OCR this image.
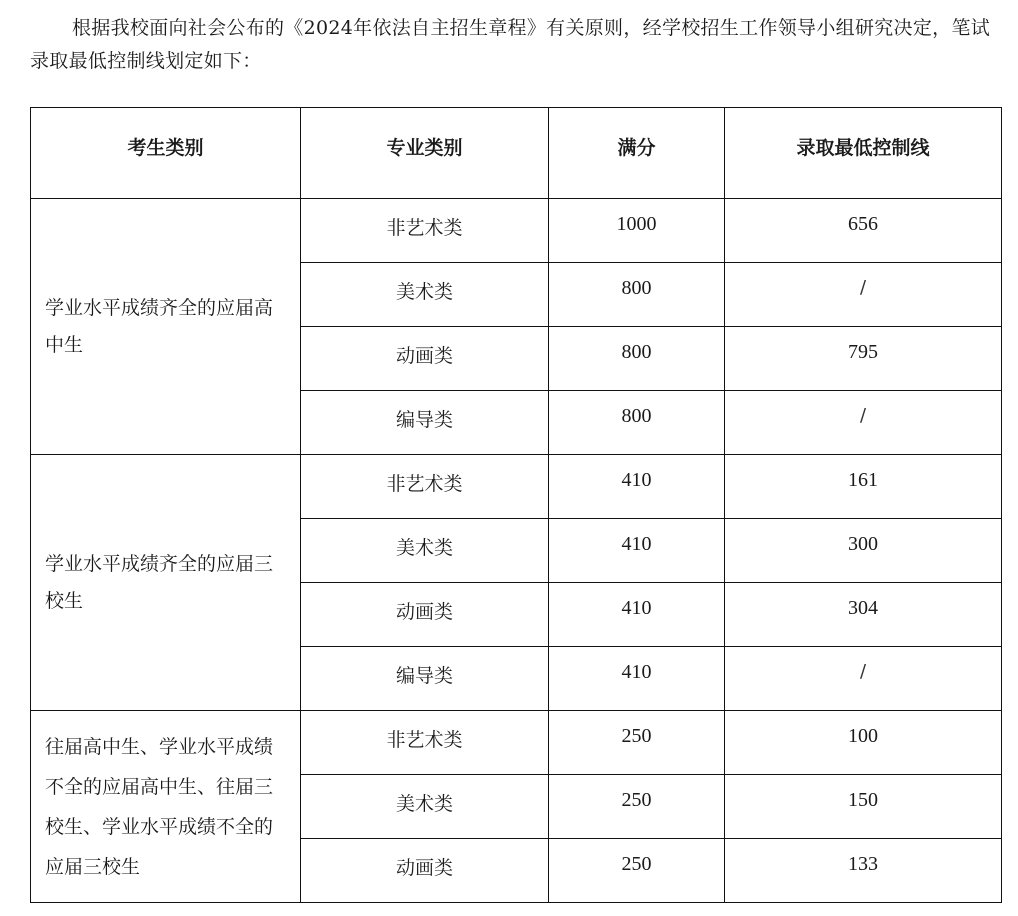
根据我校面向社会公布的《2024年依法自主招生章程》有关原则，经学校招生工作领导小组研究决定，笔试录取最低控制线划定如下：

考生类别	专业类别	满分	录取最低控制线
学业水平成绩齐全的应届高中生	非艺术类	1000	656
	美术类	800	/
	动画类	800	795
	编导类	800	/
学业水平成绩齐全的应届三校生	非艺术类	410	161
	美术类	410	300
	动画类	410	304
	编导类	410	/
往届高中生、学业水平成绩不全的应届高中生、往届三校生、学业水平成绩不全的应届三校生	非艺术类	250	100
	美术类	250	150
	动画类	250	133
